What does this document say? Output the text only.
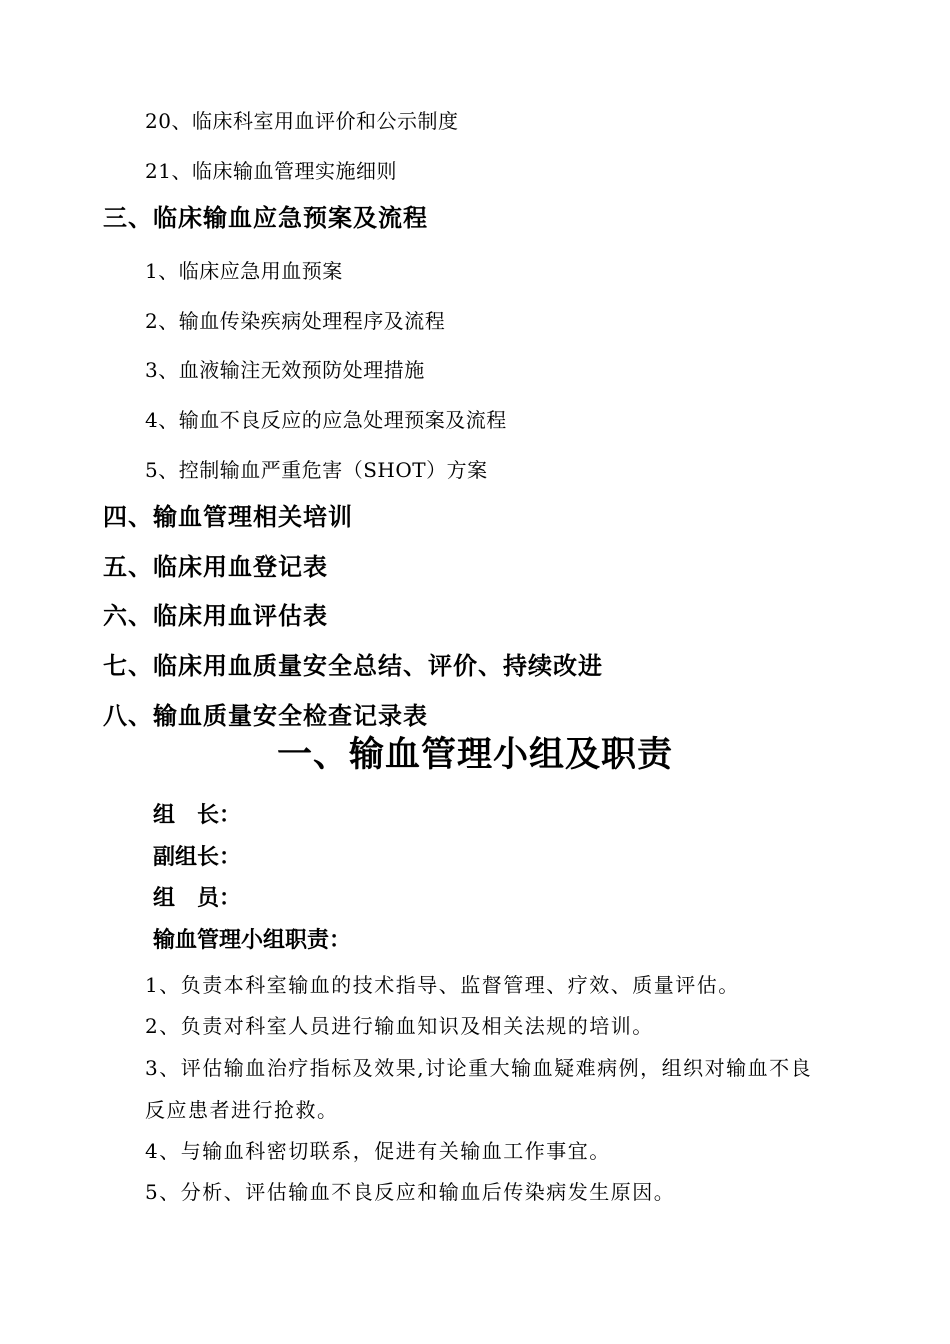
20、临床科室用血评价和公示制度
21、临床输血管理实施细则
三、临床输血应急预案及流程
1、临床应急用血预案
2、输血传染疾病处理程序及流程
3、血液输注无效预防处理措施
4、输血不良反应的应急处理预案及流程
5、控制输血严重危害（SHOT）方案
四、输血管理相关培训
五、临床用血登记表
六、临床用血评估表
七、临床用血质量安全总结、评价、持续改进
八、输血质量安全检查记录表
一、输血管理小组及职责
组　长：
副组长：
组　员：
输血管理小组职责：
1、负责本科室输血的技术指导、监督管理、疗效、质量评估。
2、负责对科室人员进行输血知识及相关法规的培训。
3、评估输血治疗指标及效果,讨论重大输血疑难病例，组织对输血不良反应患者进行抢救。
4、与输血科密切联系，促进有关输血工作事宜。
5、分析、评估输血不良反应和输血后传染病发生原因。
